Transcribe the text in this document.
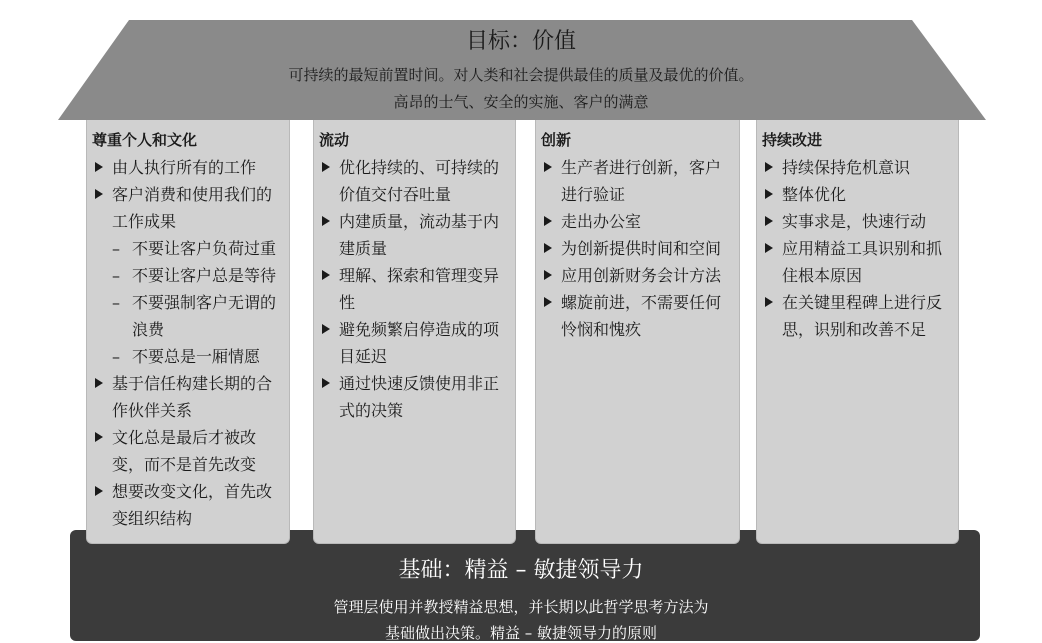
目标：价值
可持续的最短前置时间。对人类和社会提供最佳的质量及最优的价值。
高昂的士气、安全的实施、客户的满意
尊重个人和文化
由人执行所有的工作
客户消费和使用我们的工作成果
– 不要让客户负荷过重
– 不要让客户总是等待
– 不要强制客户无谓的浪费
– 不要总是一厢情愿
基于信任构建长期的合作伙伴关系
文化总是最后才被改变，而不是首先改变
想要改变文化，首先改变组织结构
流动
优化持续的、可持续的价值交付吞吐量
内建质量，流动基于内建质量
理解、探索和管理变异性
避免频繁启停造成的项目延迟
通过快速反馈使用非正式的决策
创新
生产者进行创新，客户进行验证
走出办公室
为创新提供时间和空间
应用创新财务会计方法
螺旋前进，不需要任何怜悯和愧疚
持续改进
持续保持危机意识
整体优化
实事求是，快速行动
应用精益工具识别和抓住根本原因
在关键里程碑上进行反思，识别和改善不足
基础：精益 – 敏捷领导力
管理层使用并教授精益思想，并长期以此哲学思考方法为
基础做出决策。精益 – 敏捷领导力的原则
